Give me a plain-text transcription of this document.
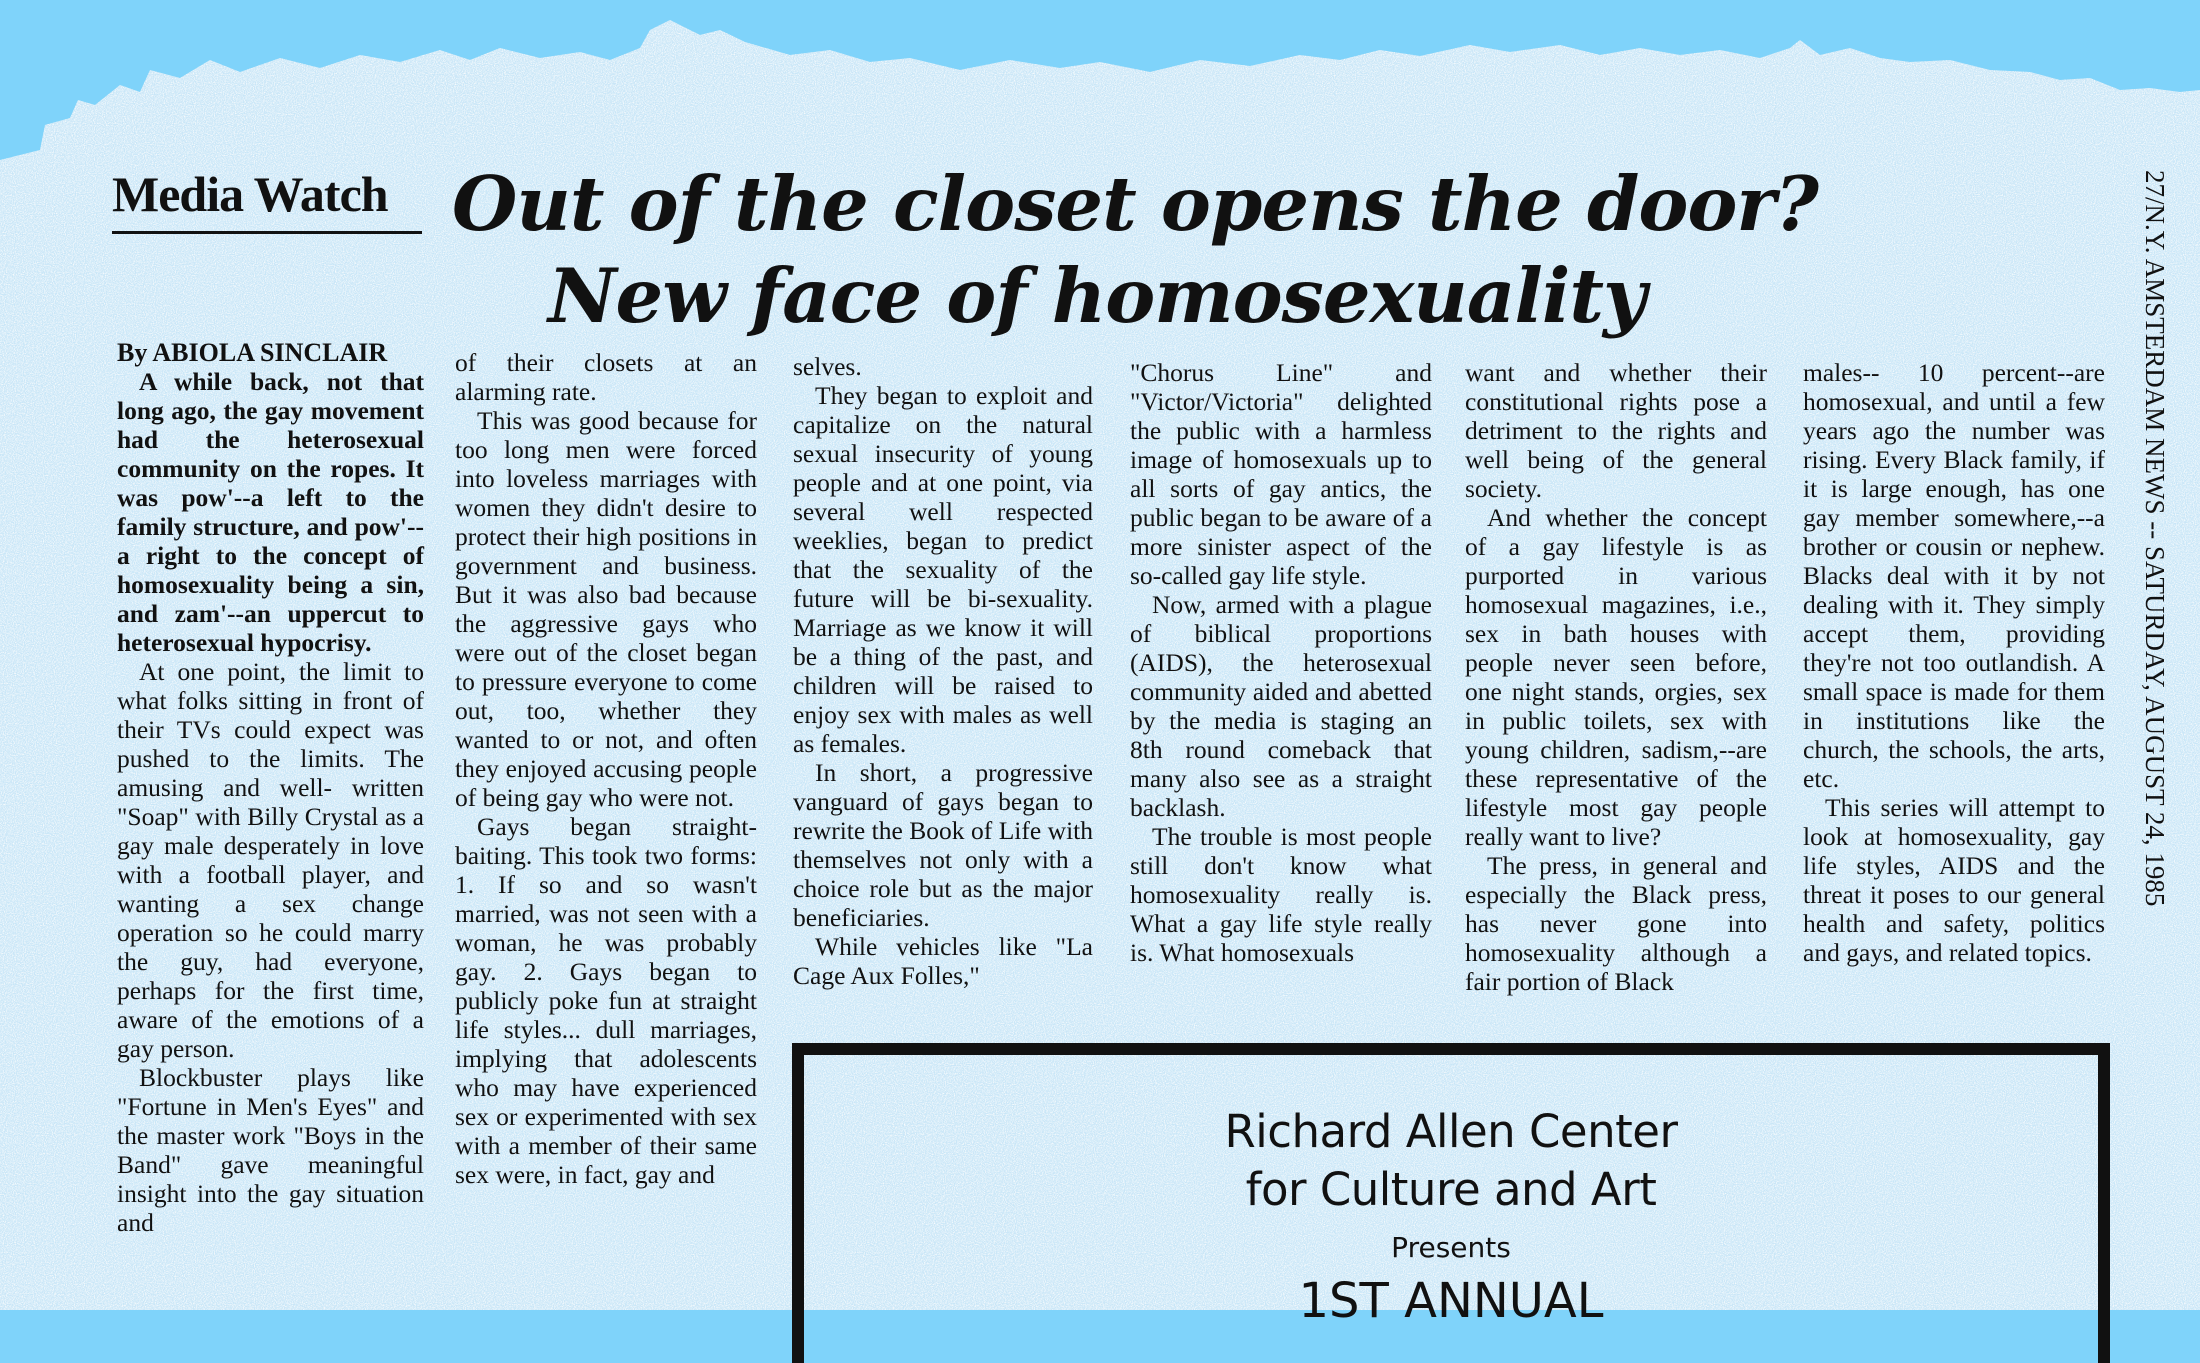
Media Watch Out of the closet opens the door?
New face of homosexuality	27/N.Y. AMSTERDAM NEWS -- SATURDAY, AUGUST 24, 1985

By ABIOLA SINCLAIR

A while back, not that long ago, the gay movement had the heterosexual community on the ropes. It was pow'--a left to the family structure, and pow'--a right to the concept of homosexuality being a sin, and zam'--an uppercut to heterosexual hypocrisy.

At one point, the limit to what folks sitting in front of their TVs could expect was pushed to the limits. The amusing and well- written "Soap" with Billy Crystal as a gay male desperately in love with a football player, and wanting a sex change operation so he could marry the guy, had everyone, perhaps for the first time, aware of the emotions of a gay person.

Blockbuster plays like "Fortune in Men's Eyes" and the master work "Boys in the Band" gave meaningful insight into the gay situation and

of their closets at an alarming rate.

This was good because for too long men were forced into loveless marriages with women they didn't desire to protect their high positions in government and business. But it was also bad because the aggressive gays who were out of the closet began to pressure everyone to come out, too, whether they wanted to or not, and often they enjoyed accusing people of being gay who were not.

Gays began straight-baiting. This took two forms: 1. If so and so wasn't married, was not seen with a woman, he was probably gay. 2. Gays began to publicly poke fun at straight life styles... dull marriages, implying that adolescents who may have experienced sex or experimented with sex with a member of their same sex were, in fact, gay and

selves.

They began to exploit and capitalize on the natural sexual insecurity of young people and at one point, via several well respected weeklies, began to predict that the sexuality of the future will be bi-sexuality. Marriage as we know it will be a thing of the past, and children will be raised to enjoy sex with males as well as females.

In short, a progressive vanguard of gays began to rewrite the Book of Life with themselves not only with a choice role but as the major beneficiaries.

While vehicles like "La Cage Aux Folles,"

"Chorus Line" and "Victor/Victoria" delighted the public with a harmless image of homosexuals up to all sorts of gay antics, the public began to be aware of a more sinister aspect of the so-called gay life style.

Now, armed with a plague of biblical proportions (AIDS), the heterosexual community aided and abetted by the media is staging an 8th round comeback that many also see as a straight backlash.

The trouble is most people still don't know what homosexuality really is. What a gay life style really is. What homosexuals

want and whether their constitutional rights pose a detriment to the rights and well being of the general society.

And whether the concept of a gay lifestyle is as purported in various homosexual magazines, i.e., sex in bath houses with people never seen before, one night stands, orgies, sex in public toilets, sex with young children, sadism,--are these representative of the lifestyle most gay people really want to live?

The press, in general and especially the Black press, has never gone into homosexuality although a fair portion of Black

males-- 10 percent--are homosexual, and until a few years ago the number was rising. Every Black family, if it is large enough, has one gay member somewhere,--a brother or cousin or nephew. Blacks deal with it by not dealing with it. They simply accept them, providing they're not too outlandish. A small space is made for them in institutions like the church, the schools, the arts, etc.

This series will attempt to look at homosexuality, gay life styles, AIDS and the threat it poses to our general health and safety, politics and gays, and related topics.

Richard Allen Center
for Culture and Art
Presents
1ST ANNUAL
